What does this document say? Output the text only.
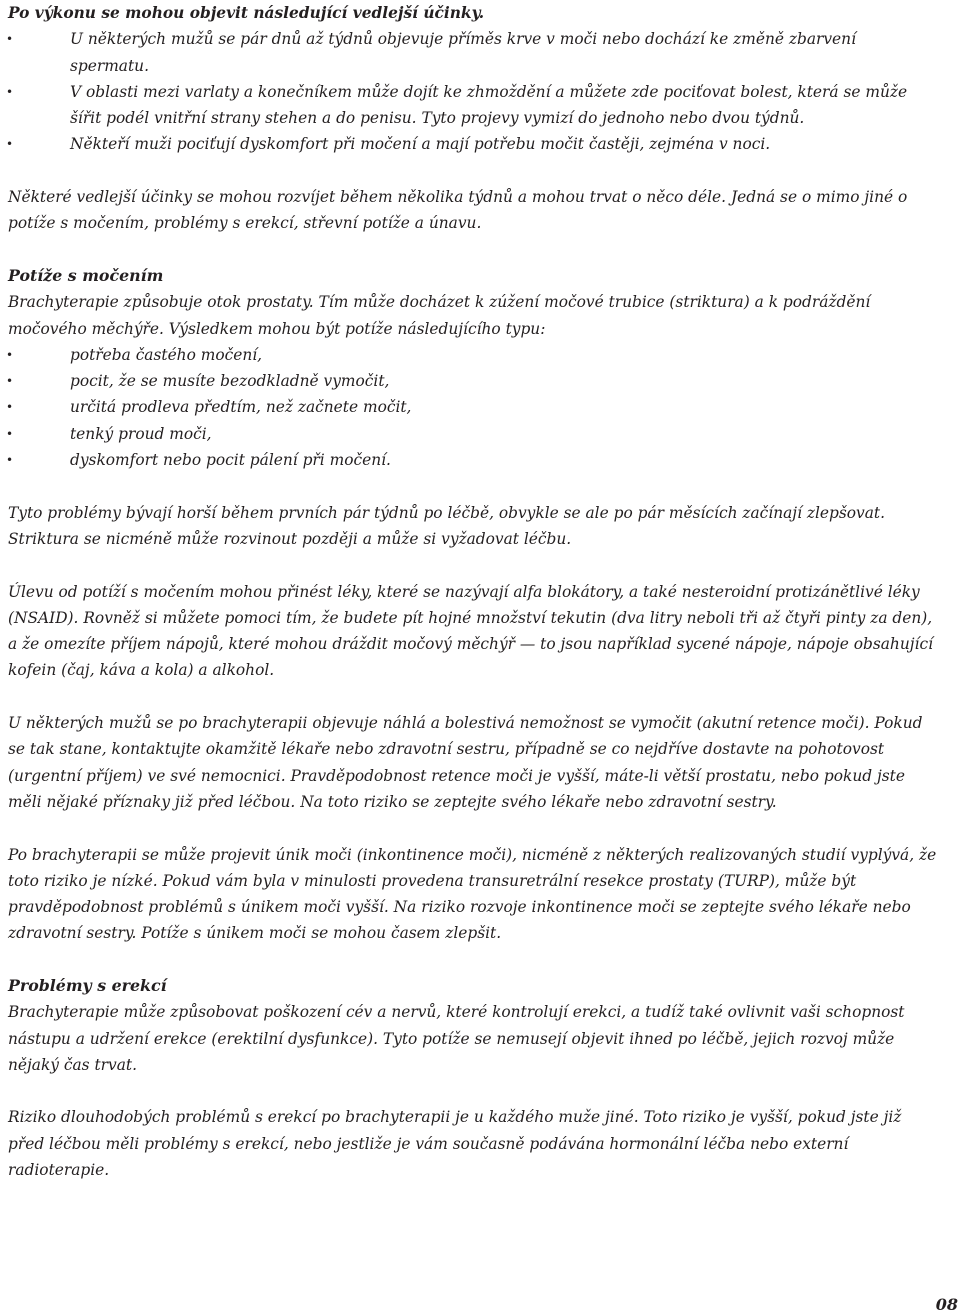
Po výkonu se mohou objevit následující vedlejší účinky.

• U některých mužů se pár dnů až týdnů objevuje příměs krve v moči nebo dochází ke změně zbarvení spermatu.
• V oblasti mezi varlaty a konečníkem může dojít ke zhmoždění a můžete zde pociťovat bolest, která se může šířit podél vnitřní strany stehen a do penisu. Tyto projevy vymizí do jednoho nebo dvou týdnů.
• Někteří muži pociťují dyskomfort při močení a mají potřebu močit častěji, zejména v noci.

Některé vedlejší účinky se mohou rozvíjet během několika týdnů a mohou trvat o něco déle. Jedná se o mimo jiné o potíže s močením, problémy s erekcí, střevní potíže a únavu.

Potíže s močením

Brachyterapie způsobuje otok prostaty. Tím může docházet k zúžení močové trubice (striktura) a k podráždění močového měchýře. Výsledkem mohou být potíže následujícího typu:

• potřeba častého močení,
• pocit, že se musíte bezodkladně vymočit,
• určitá prodleva předtím, než začnete močit,
• tenký proud moči,
• dyskomfort nebo pocit pálení při močení.

Tyto problémy bývají horší během prvních pár týdnů po léčbě, obvykle se ale po pár měsících začínají zlepšovat. Striktura se nicméně může rozvinout později a může si vyžadovat léčbu.

Úlevu od potíží s močením mohou přinést léky, které se nazývají alfa blokátory, a také nesteroidní protizánětlivé léky (NSAID). Rovněž si můžete pomoci tím, že budete pít hojné množství tekutin (dva litry neboli tři až čtyři pinty za den), a že omezíte příjem nápojů, které mohou dráždit močový měchýř — to jsou například sycené nápoje, nápoje obsahující kofein (čaj, káva a kola) a alkohol.

U některých mužů se po brachyterapii objevuje náhlá a bolestivá nemožnost se vymočit (akutní retence moči). Pokud se tak stane, kontaktujte okamžitě lékaře nebo zdravotní sestru, případně se co nejdříve dostavte na pohotovost (urgentní příjem) ve své nemocnici. Pravděpodobnost retence moči je vyšší, máte-li větší prostatu, nebo pokud jste měli nějaké příznaky již před léčbou. Na toto riziko se zeptejte svého lékaře nebo zdravotní sestry.

Po brachyterapii se může projevit únik moči (inkontinence moči), nicméně z některých realizovaných studií vyplývá, že toto riziko je nízké. Pokud vám byla v minulosti provedena transuretrální resekce prostaty (TURP), může být pravděpodobnost problémů s únikem moči vyšší. Na riziko rozvoje inkontinence moči se zeptejte svého lékaře nebo zdravotní sestry. Potíže s únikem moči se mohou časem zlepšit.

Problémy s erekcí

Brachyterapie může způsobovat poškození cév a nervů, které kontrolují erekci, a tudíž také ovlivnit vaši schopnost nástupu a udržení erekce (erektilní dysfunkce). Tyto potíže se nemusejí objevit ihned po léčbě, jejich rozvoj může nějaký čas trvat.

Riziko dlouhodobých problémů s erekcí po brachyterapii je u každého muže jiné. Toto riziko je vyšší, pokud jste již před léčbou měli problémy s erekcí, nebo jestliže je vám současně podávána hormonální léčba nebo externí radioterapie.

08
